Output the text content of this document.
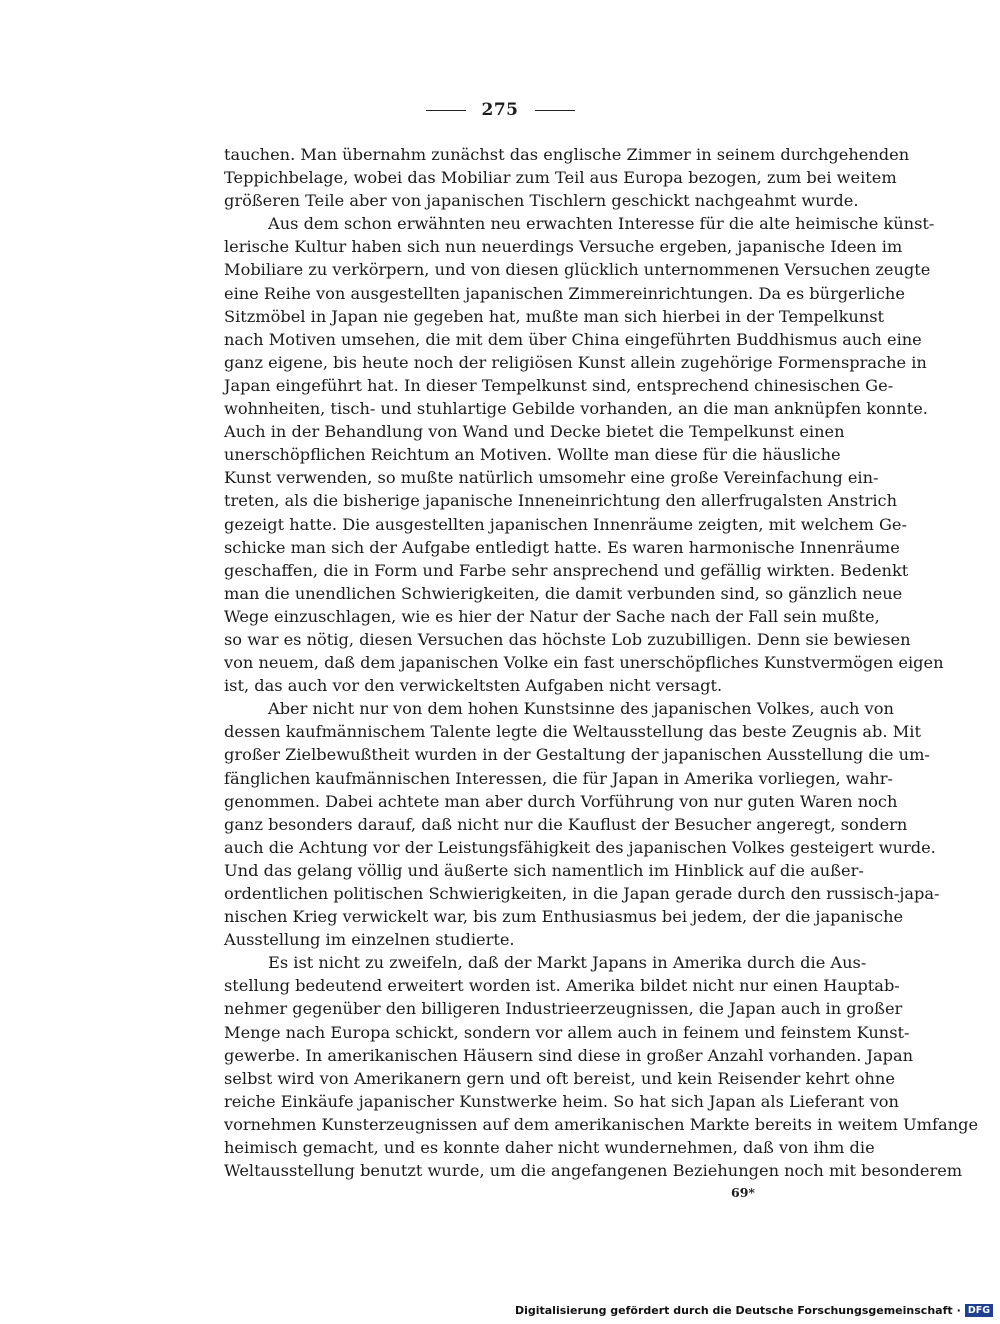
275
tauchen. Man übernahm zunächst das englische Zimmer in seinem durchgehenden
Teppichbelage, wobei das Mobiliar zum Teil aus Europa bezogen, zum bei weitem
größeren Teile aber von japanischen Tischlern geschickt nachgeahmt wurde.
Aus dem schon erwähnten neu erwachten Interesse für die alte heimische künst-
lerische Kultur haben sich nun neuerdings Versuche ergeben, japanische Ideen im
Mobiliare zu verkörpern, und von diesen glücklich unternommenen Versuchen zeugte
eine Reihe von ausgestellten japanischen Zimmereinrichtungen. Da es bürgerliche
Sitzmöbel in Japan nie gegeben hat, mußte man sich hierbei in der Tempelkunst
nach Motiven umsehen, die mit dem über China eingeführten Buddhismus auch eine
ganz eigene, bis heute noch der religiösen Kunst allein zugehörige Formensprache in
Japan eingeführt hat. In dieser Tempelkunst sind, entsprechend chinesischen Ge-
wohnheiten, tisch- und stuhlartige Gebilde vorhanden, an die man anknüpfen konnte.
Auch in der Behandlung von Wand und Decke bietet die Tempelkunst einen
unerschöpflichen Reichtum an Motiven. Wollte man diese für die häusliche
Kunst verwenden, so mußte natürlich umsomehr eine große Vereinfachung ein-
treten, als die bisherige japanische Inneneinrichtung den allerfrugalsten Anstrich
gezeigt hatte. Die ausgestellten japanischen Innenräume zeigten, mit welchem Ge-
schicke man sich der Aufgabe entledigt hatte. Es waren harmonische Innenräume
geschaffen, die in Form und Farbe sehr ansprechend und gefällig wirkten. Bedenkt
man die unendlichen Schwierigkeiten, die damit verbunden sind, so gänzlich neue
Wege einzuschlagen, wie es hier der Natur der Sache nach der Fall sein mußte,
so war es nötig, diesen Versuchen das höchste Lob zuzubilligen. Denn sie bewiesen
von neuem, daß dem japanischen Volke ein fast unerschöpfliches Kunstvermögen eigen
ist, das auch vor den verwickeltsten Aufgaben nicht versagt.
Aber nicht nur von dem hohen Kunstsinne des japanischen Volkes, auch von
dessen kaufmännischem Talente legte die Weltausstellung das beste Zeugnis ab. Mit
großer Zielbewußtheit wurden in der Gestaltung der japanischen Ausstellung die um-
fänglichen kaufmännischen Interessen, die für Japan in Amerika vorliegen, wahr-
genommen. Dabei achtete man aber durch Vorführung von nur guten Waren noch
ganz besonders darauf, daß nicht nur die Kauflust der Besucher angeregt, sondern
auch die Achtung vor der Leistungsfähigkeit des japanischen Volkes gesteigert wurde.
Und das gelang völlig und äußerte sich namentlich im Hinblick auf die außer-
ordentlichen politischen Schwierigkeiten, in die Japan gerade durch den russisch-japa-
nischen Krieg verwickelt war, bis zum Enthusiasmus bei jedem, der die japanische
Ausstellung im einzelnen studierte.
Es ist nicht zu zweifeln, daß der Markt Japans in Amerika durch die Aus-
stellung bedeutend erweitert worden ist. Amerika bildet nicht nur einen Hauptab-
nehmer gegenüber den billigeren Industrieerzeugnissen, die Japan auch in großer
Menge nach Europa schickt, sondern vor allem auch in feinem und feinstem Kunst-
gewerbe. In amerikanischen Häusern sind diese in großer Anzahl vorhanden. Japan
selbst wird von Amerikanern gern und oft bereist, und kein Reisender kehrt ohne
reiche Einkäufe japanischer Kunstwerke heim. So hat sich Japan als Lieferant von
vornehmen Kunsterzeugnissen auf dem amerikanischen Markte bereits in weitem Umfange
heimisch gemacht, und es konnte daher nicht wundernehmen, daß von ihm die
Weltausstellung benutzt wurde, um die angefangenen Beziehungen noch mit besonderem
69*
Digitalisierung gefördert durch die Deutsche Forschungsgemeinschaft · DFG
